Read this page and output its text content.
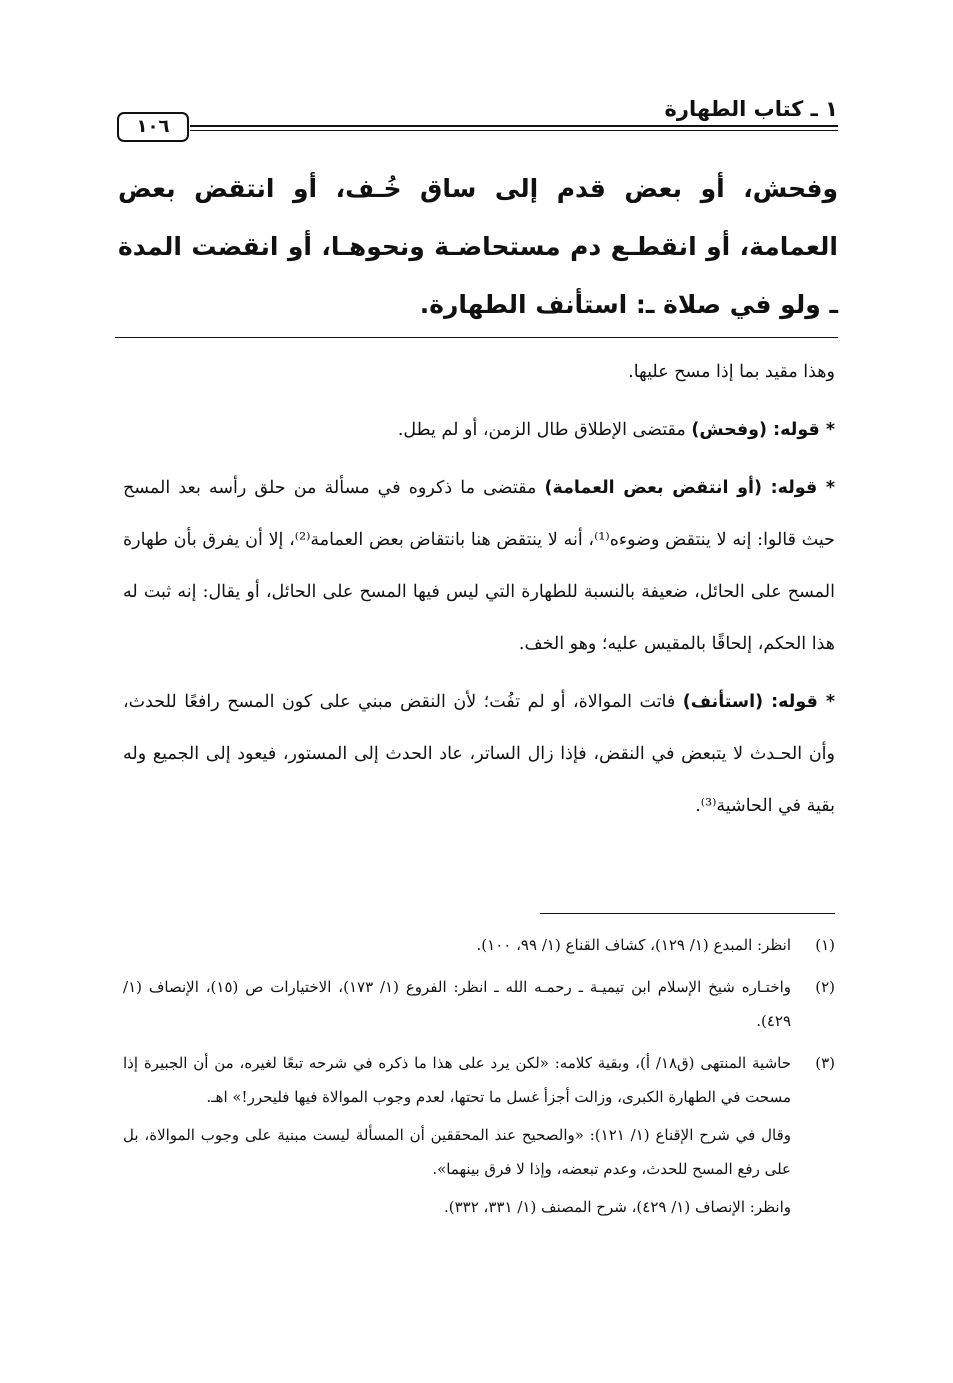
١ ـ كتاب الطهارة
١٠٦
وفحش، أو بعض قدم إلى ساق خُـف، أو انتقض بعض العمامة، أو انقطـع دم مستحاضـة ونحوهـا، أو انقضت المدة ـ ولو في صلاة ـ: استأنف الطهارة.

وهذا مقيد بما إذا مسح عليها.

* قوله: (وفحش) مقتضى الإطلاق طال الزمن، أو لم يطل.

* قوله: (أو انتقض بعض العمامة) مقتضى ما ذكروه في مسألة من حلق رأسه بعد المسح حيث قالوا: إنه لا ينتقض وضوءه⁽¹⁾، أنه لا ينتقض هنا بانتقاض بعض العمامة⁽²⁾، إلا أن يفرق بأن طهارة المسح على الحائل، ضعيفة بالنسبة للطهارة التي ليس فيها المسح على الحائل، أو يقال: إنه ثبت له هذا الحكم، إلحاقًا بالمقيس عليه؛ وهو الخف.

* قوله: (استأنف) فاتت الموالاة، أو لم تفُت؛ لأن النقض مبني على كون المسح رافعًا للحدث، وأن الحـدث لا يتبعض في النقض، فإذا زال الساتر، عاد الحدث إلى المستور، فيعود إلى الجميع وله بقية في الحاشية⁽³⁾.

(١)

انظر: المبدع (١/ ١٢٩)، كشاف القناع (١/ ٩٩، ١٠٠).

(٢)

واختـاره شيخ الإسلام ابن تيميـة ـ رحمـه الله ـ انظر: الفروع (١/ ١٧٣)، الاختيارات ص (١٥)، الإنصاف (١/ ٤٢٩).

(٣)

حاشية المنتهى (ق١٨/ أ)، وبقية كلامه: «لكن يرد على هذا ما ذكره في شرحه تبعًا لغيره، من أن الجبيرة إذا مسحت في الطهارة الكبرى، وزالت أجزأ غسل ما تحتها، لعدم وجوب الموالاة فيها فليحرر!» اهـ.

وقال في شرح الإقناع (١/ ١٢١): «والصحيح عند المحققين أن المسألة ليست مبنية على وجوب الموالاة، بل على رفع المسح للحدث، وعدم تبعضه، وإذا لا فرق بينهما».

وانظر: الإنصاف (١/ ٤٢٩)، شرح المصنف (١/ ٣٣١، ٣٣٢).
